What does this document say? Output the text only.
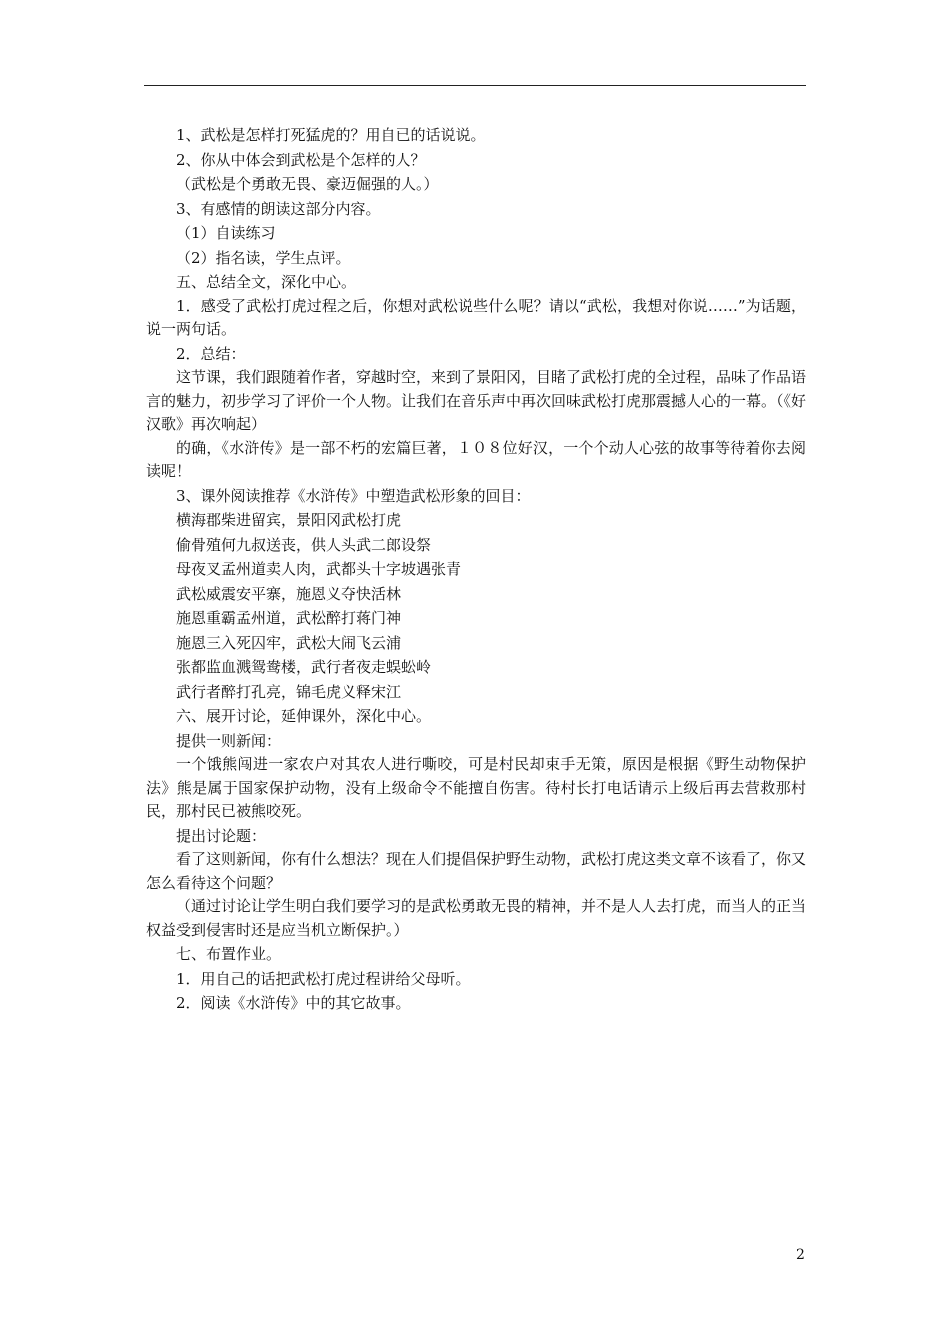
1、武松是怎样打死猛虎的？用自已的话说说。

2、你从中体会到武松是个怎样的人？

（武松是个勇敢无畏、豪迈倔强的人。）

3、有感情的朗读这部分内容。

（1）自读练习

（2）指名读，学生点评。

五、总结全文，深化中心。

1．感受了武松打虎过程之后，你想对武松说些什么呢？请以“武松，我想对你说……”为话题，说一两句话。

2．总结：

这节课，我们跟随着作者，穿越时空，来到了景阳冈，目睹了武松打虎的全过程，品味了作品语言的魅力，初步学习了评价一个人物。让我们在音乐声中再次回味武松打虎那震撼人心的一幕。（《好汉歌》再次响起）

的确，《水浒传》是一部不朽的宏篇巨著，１０８位好汉，一个个动人心弦的故事等待着你去阅读呢！

3、课外阅读推荐《水浒传》中塑造武松形象的回目：

横海郡柴进留宾，景阳冈武松打虎

偷骨殖何九叔送丧，供人头武二郎设祭

母夜叉孟州道卖人肉，武都头十字坡遇张青

武松威震安平寨，施恩义夺快活林

施恩重霸孟州道，武松醉打蒋门神

施恩三入死囚牢，武松大闹飞云浦

张都监血溅鸳鸯楼，武行者夜走蜈蚣岭

武行者醉打孔亮，锦毛虎义释宋江

六、展开讨论，延伸课外，深化中心。

提供一则新闻：

一个饿熊闯进一家农户对其农人进行嘶咬，可是村民却束手无策，原因是根据《野生动物保护法》熊是属于国家保护动物，没有上级命令不能擅自伤害。待村长打电话请示上级后再去营救那村民，那村民已被熊咬死。

提出讨论题：

看了这则新闻，你有什么想法？现在人们提倡保护野生动物，武松打虎这类文章不该看了，你又怎么看待这个问题？

（通过讨论让学生明白我们要学习的是武松勇敢无畏的精神，并不是人人去打虎，而当人的正当权益受到侵害时还是应当机立断保护。）

七、布置作业。

1．用自己的话把武松打虎过程讲给父母听。

2．阅读《水浒传》中的其它故事。

2
